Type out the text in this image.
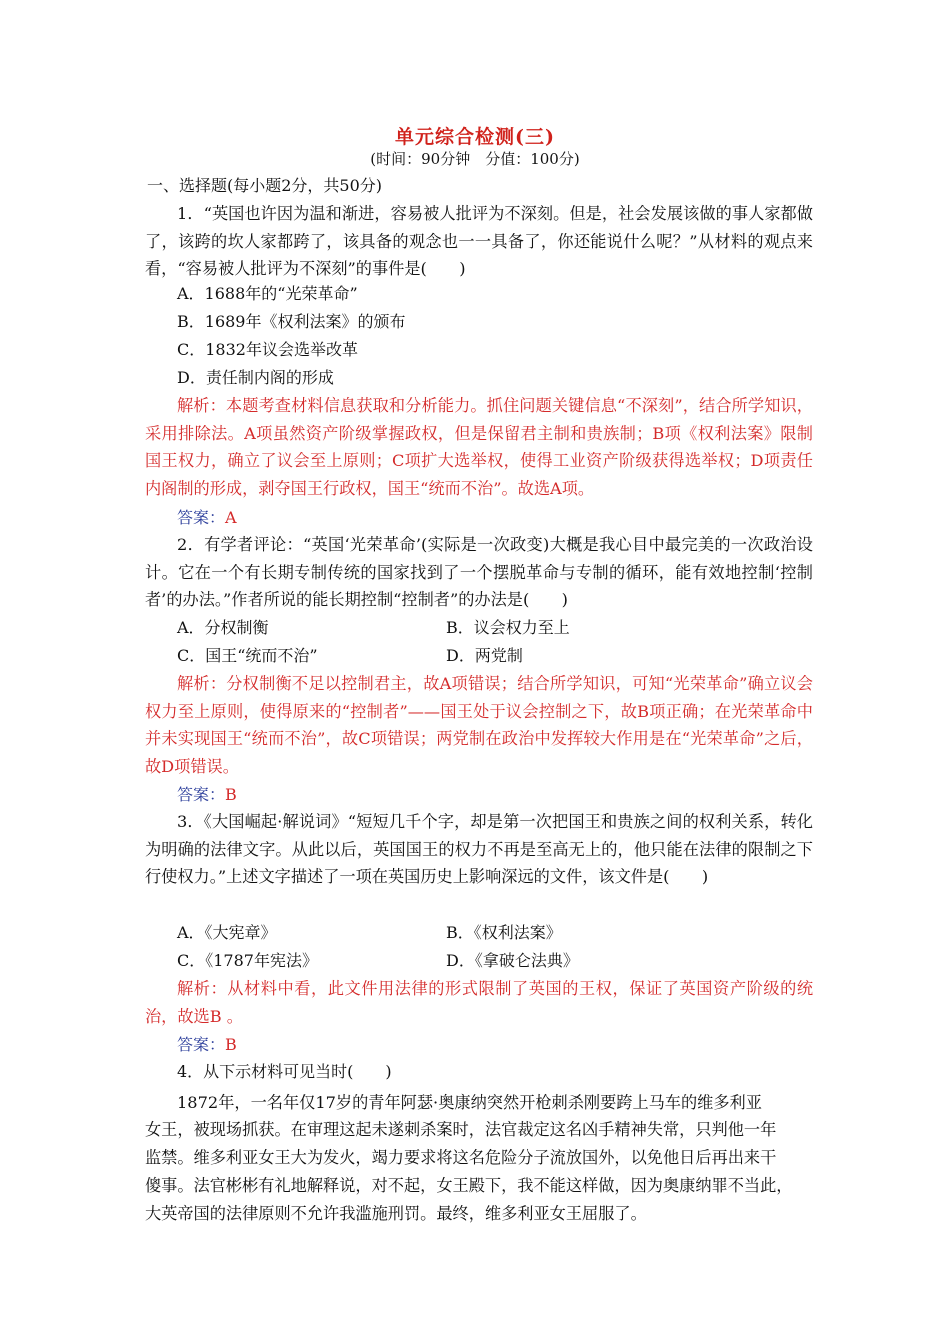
单元综合检测(三)
(时间：90分钟　分值：100分)
一、选择题(每小题2分，共50分)

1．“英国也许因为温和渐进，容易被人批评为不深刻。但是，社会发展该做的事人家都做了，该跨的坎人家都跨了，该具备的观念也一一具备了，你还能说什么呢？”从材料的观点来看，“容易被人批评为不深刻”的事件是(　　)

A．1688年的“光荣革命”
B．1689年《权利法案》的颁布
C．1832年议会选举改革
D．责任制内阁的形成

解析：本题考查材料信息获取和分析能力。抓住问题关键信息“不深刻”，结合所学知识，采用排除法。A项虽然资产阶级掌握政权，但是保留君主制和贵族制；B项《权利法案》限制国王权力，确立了议会至上原则；C项扩大选举权，使得工业资产阶级获得选举权；D项责任内阁制的形成，剥夺国王行政权，国王“统而不治”。故选A项。

答案：A

2．有学者评论：“英国‘光荣革命’(实际是一次政变)大概是我心目中最完美的一次政治设计。它在一个有长期专制传统的国家找到了一个摆脱革命与专制的循环，能有效地控制‘控制者’的办法。”作者所说的能长期控制“控制者”的办法是(　　)

A．分权制衡	B．议会权力至上
C．国王“统而不治”	D．两党制

解析：分权制衡不足以控制君主，故A项错误；结合所学知识，可知“光荣革命”确立议会权力至上原则，使得原来的“控制者”——国王处于议会控制之下，故B项正确；在光荣革命中并未实现国王“统而不治”，故C项错误；两党制在政治中发挥较大作用是在“光荣革命”之后，故D项错误。

答案：B

3．《大国崛起·解说词》“短短几千个字，却是第一次把国王和贵族之间的权利关系，转化为明确的法律文字。从此以后，英国国王的权力不再是至高无上的，他只能在法律的限制之下行使权力。”上述文字描述了一项在英国历史上影响深远的文件，该文件是(　　)

A．《大宪章》	B．《权利法案》
C．《1787年宪法》	D．《拿破仑法典》

解析：从材料中看，此文件用法律的形式限制了英国的王权，保证了英国资产阶级的统治，故选B 。

答案：B
4．从下示材料可见当时(　　)
1872年，一名年仅17岁的青年阿瑟·奥康纳突然开枪刺杀刚要跨上马车的维多利亚
女王，被现场抓获。在审理这起未遂刺杀案时，法官裁定这名凶手精神失常，只判他一年
监禁。维多利亚女王大为发火，竭力要求将这名危险分子流放国外，以免他日后再出来干
傻事。法官彬彬有礼地解释说，对不起，女王殿下，我不能这样做，因为奥康纳罪不当此，
大英帝国的法律原则不允许我滥施刑罚。最终，维多利亚女王屈服了。
